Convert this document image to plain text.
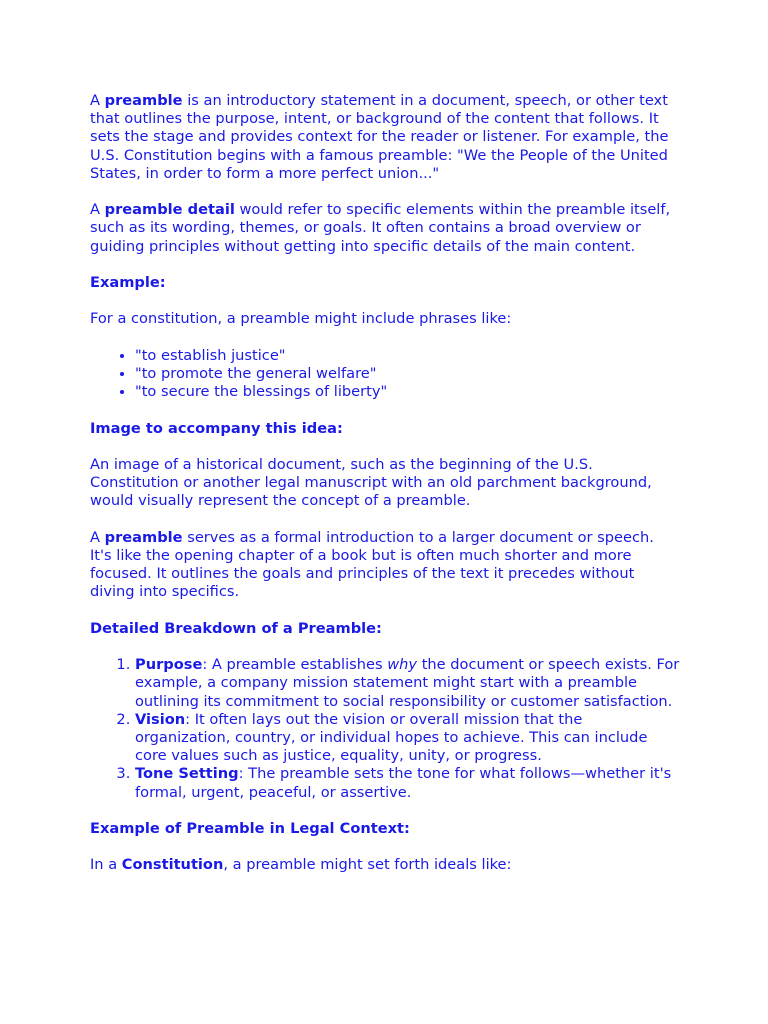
A preamble is an introductory statement in a document, speech, or other text that outlines the purpose, intent, or background of the content that follows. It sets the stage and provides context for the reader or listener. For example, the U.S. Constitution begins with a famous preamble: "We the People of the United States, in order to form a more perfect union..."

A preamble detail would refer to specific elements within the preamble itself, such as its wording, themes, or goals. It often contains a broad overview or guiding principles without getting into specific details of the main content.

Example:

For a constitution, a preamble might include phrases like:

• "to establish justice"
• "to promote the general welfare"
• "to secure the blessings of liberty"
Image to accompany this idea:

An image of a historical document, such as the beginning of the U.S. Constitution or another legal manuscript with an old parchment background, would visually represent the concept of a preamble.

A preamble serves as a formal introduction to a larger document or speech. It's like the opening chapter of a book but is often much shorter and more focused. It outlines the goals and principles of the text it precedes without diving into specifics.

Detailed Breakdown of a Preamble:
1. Purpose: A preamble establishes why the document or speech exists. For example, a company mission statement might start with a preamble outlining its commitment to social responsibility or customer satisfaction.
2. Vision: It often lays out the vision or overall mission that the organization, country, or individual hopes to achieve. This can include core values such as justice, equality, unity, or progress.
3. Tone Setting: The preamble sets the tone for what follows—whether it's formal, urgent, peaceful, or assertive.
Example of Preamble in Legal Context:

In a Constitution, a preamble might set forth ideals like:
